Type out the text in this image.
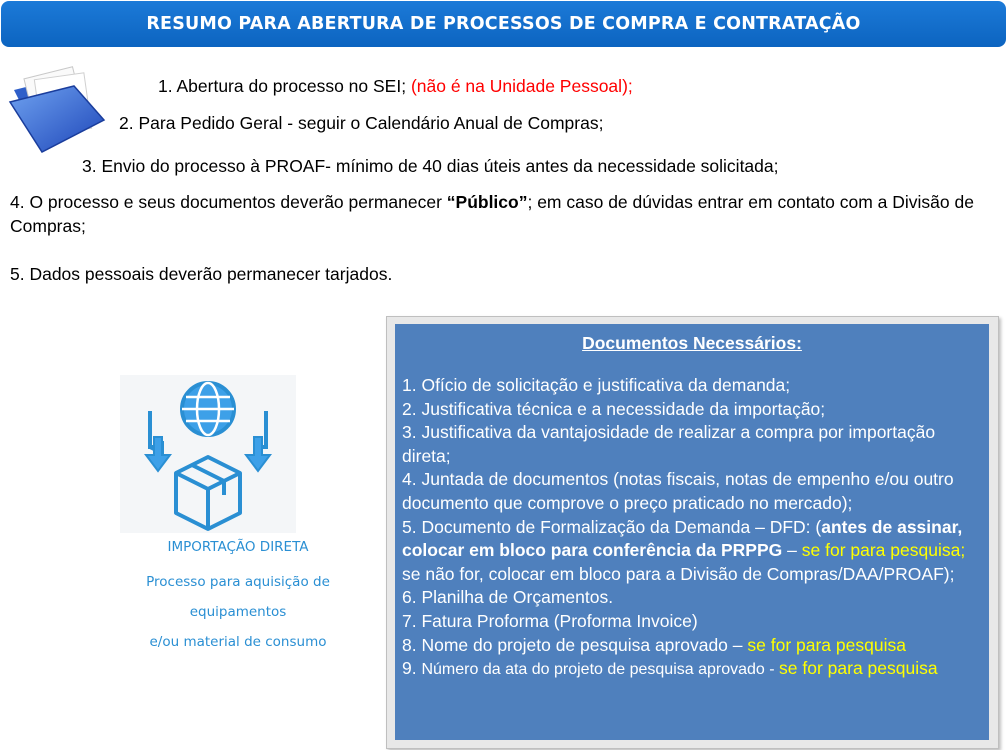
RESUMO PARA ABERTURA DE PROCESSOS DE COMPRA E CONTRATAÇÃO
1. Abertura do processo no SEI; (não é na Unidade Pessoal);
2. Para Pedido Geral - seguir o Calendário Anual de Compras;
3. Envio do processo à PROAF- mínimo de 40 dias úteis antes da necessidade solicitada;
4. O processo e seus documentos deverão permanecer “Público”; em caso de dúvidas entrar em contato com a Divisão de Compras;
5. Dados pessoais deverão permanecer tarjados.
IMPORTAÇÃO DIRETA
Processo para aquisição de equipamentos
e/ou material de consumo
Documentos Necessários:

1. Ofício de solicitação e justificativa da demanda;

2. Justificativa técnica e a necessidade da importação;

3. Justificativa da vantajosidade de realizar a compra por importação direta;

4. Juntada de documentos (notas fiscais, notas de empenho e/ou outro documento que comprove o preço praticado no mercado);

5. Documento de Formalização da Demanda – DFD: (antes de assinar, colocar em bloco para conferência da PRPPG – se for para pesquisa; se não for, colocar em bloco para a Divisão de Compras/DAA/PROAF);

6. Planilha de Orçamentos.

7. Fatura Proforma (Proforma Invoice)

8. Nome do projeto de pesquisa aprovado – se for para pesquisa

9. Número da ata do projeto de pesquisa aprovado - se for para pesquisa
